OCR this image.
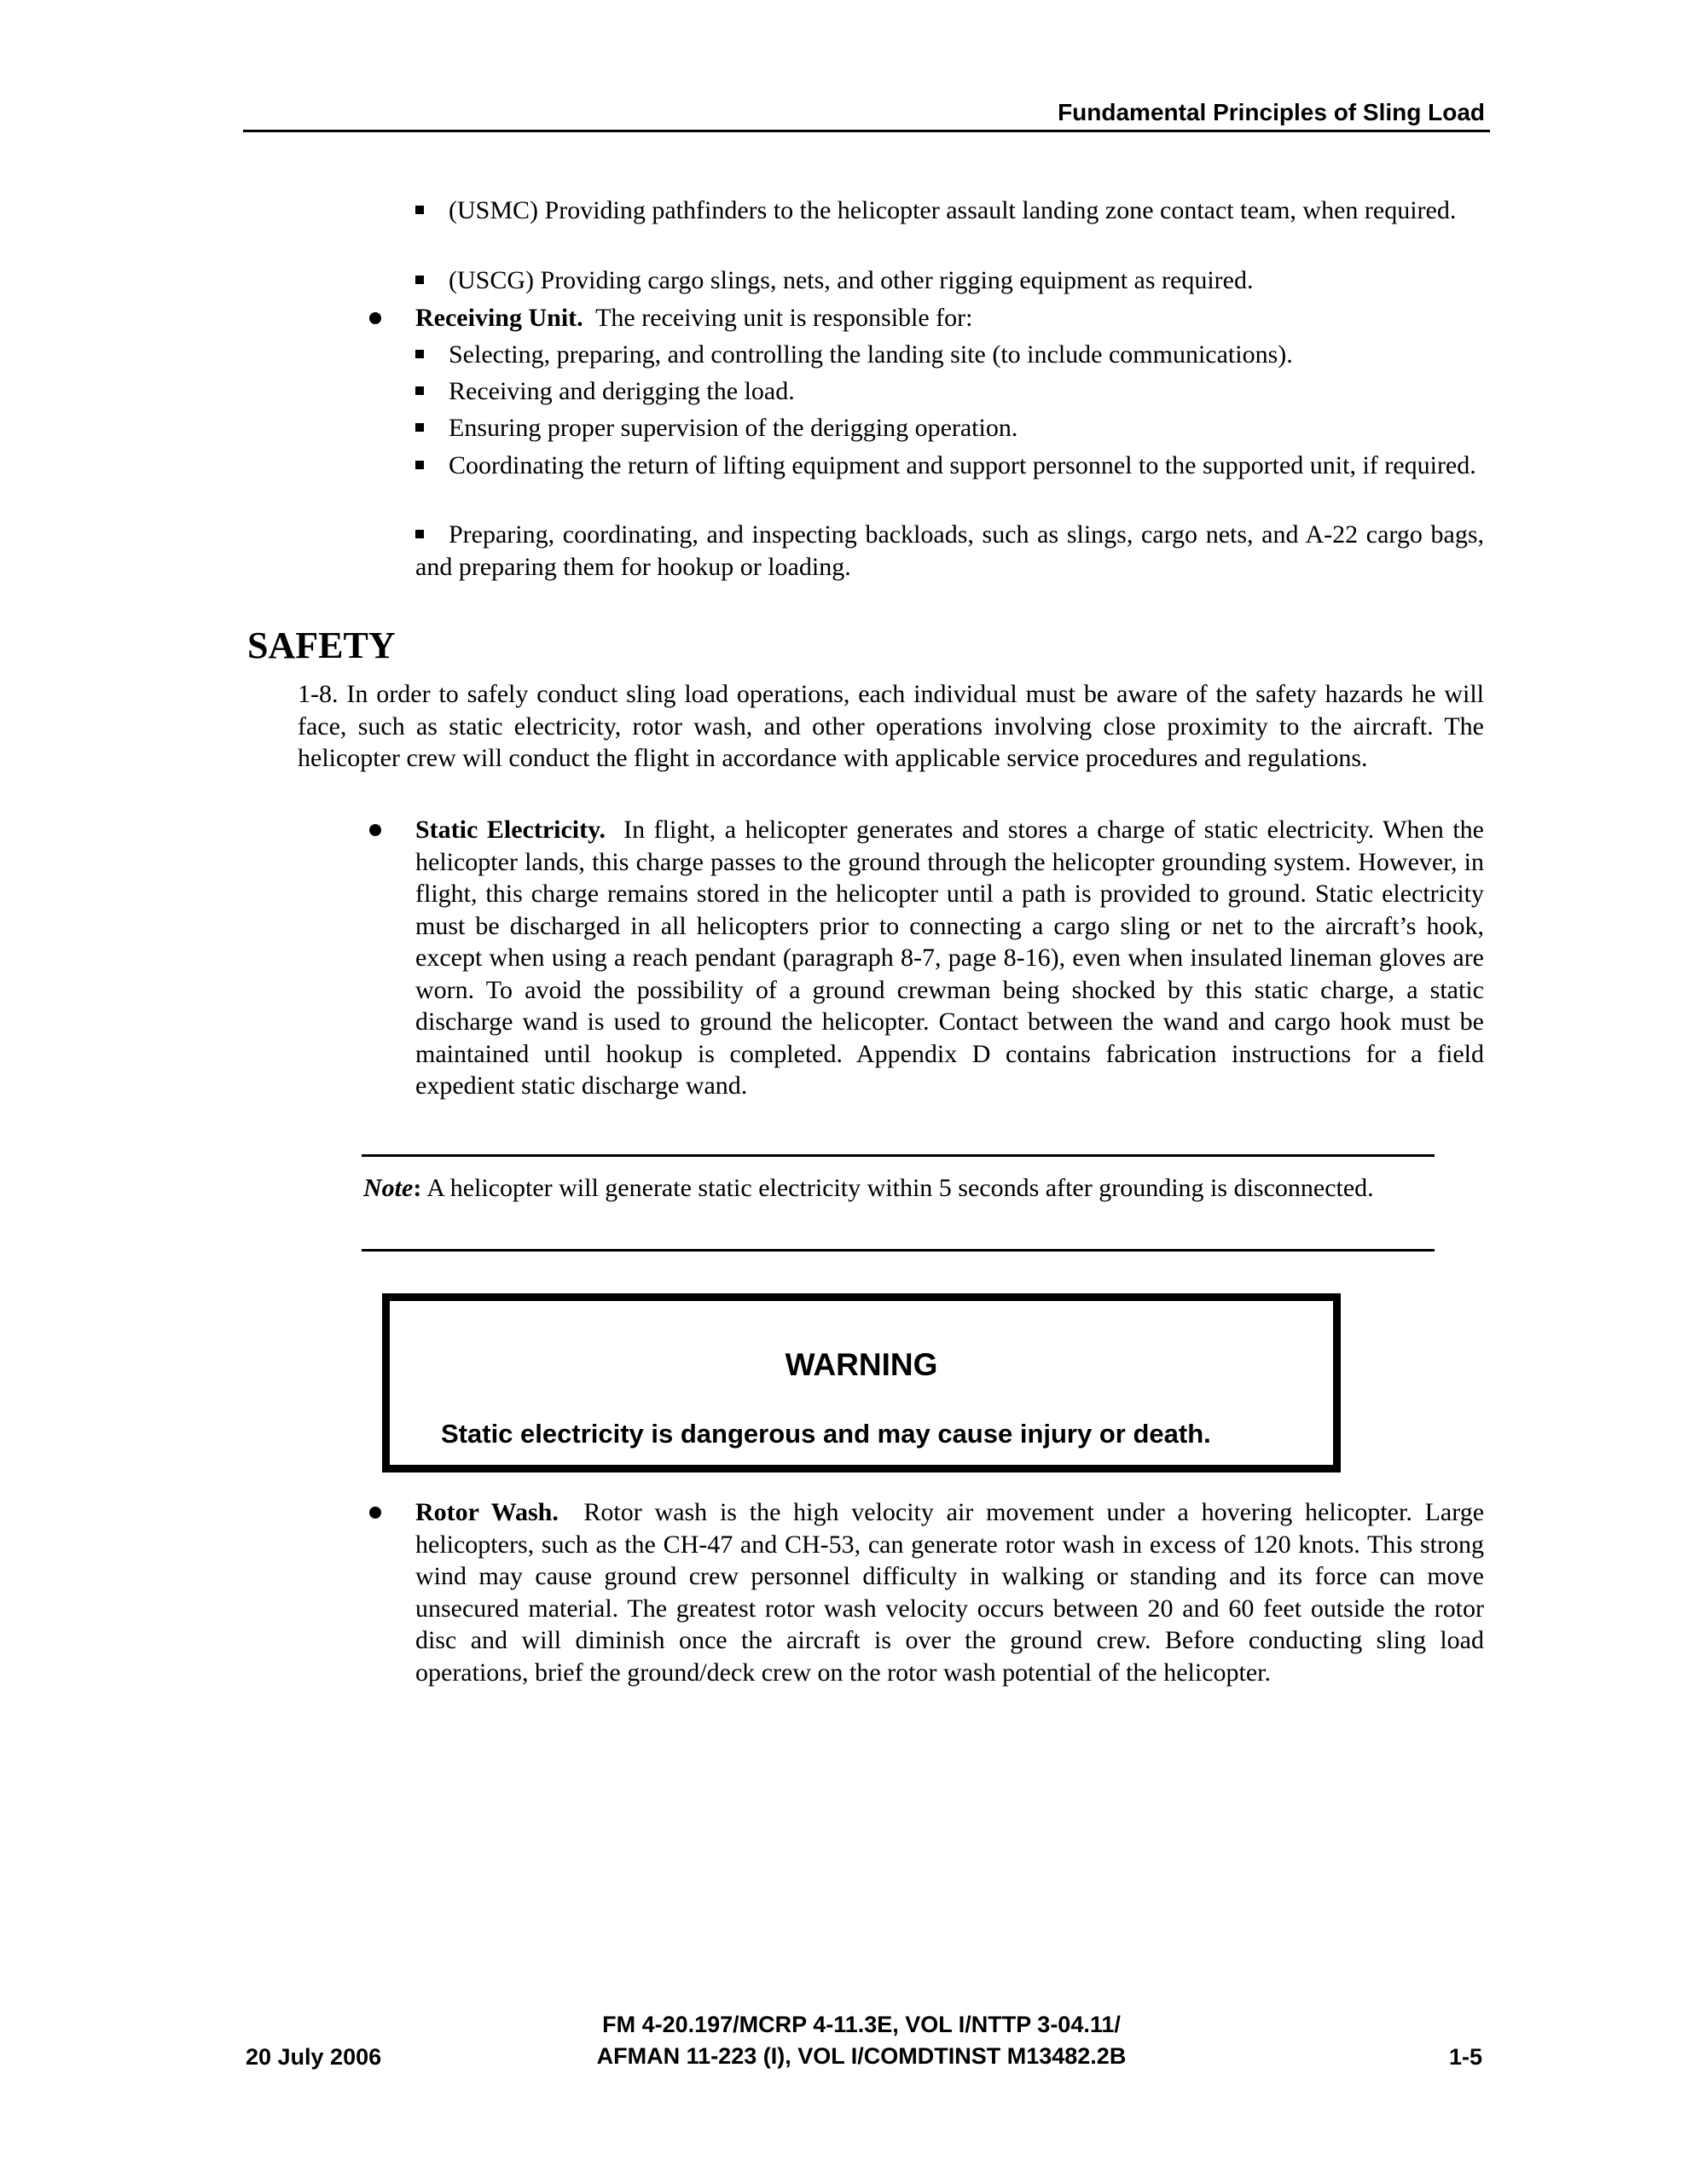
Fundamental Principles of Sling Load
(USMC) Providing pathfinders to the helicopter assault landing zone contact team, when required.
(USCG) Providing cargo slings, nets, and other rigging equipment as required.
Receiving Unit. The receiving unit is responsible for:
Selecting, preparing, and controlling the landing site (to include communications).
Receiving and derigging the load.
Ensuring proper supervision of the derigging operation.
Coordinating the return of lifting equipment and support personnel to the supported unit, if required.
Preparing, coordinating, and inspecting backloads, such as slings, cargo nets, and A-22 cargo bags, and preparing them for hookup or loading.
SAFETY
1-8. In order to safely conduct sling load operations, each individual must be aware of the safety hazards he will face, such as static electricity, rotor wash, and other operations involving close proximity to the aircraft. The helicopter crew will conduct the flight in accordance with applicable service procedures and regulations.
Static Electricity. In flight, a helicopter generates and stores a charge of static electricity. When the helicopter lands, this charge passes to the ground through the helicopter grounding system. However, in flight, this charge remains stored in the helicopter until a path is provided to ground. Static electricity must be discharged in all helicopters prior to connecting a cargo sling or net to the aircraft’s hook, except when using a reach pendant (paragraph 8-7, page 8-16), even when insulated lineman gloves are worn. To avoid the possibility of a ground crewman being shocked by this static charge, a static discharge wand is used to ground the helicopter. Contact between the wand and cargo hook must be maintained until hookup is completed. Appendix D contains fabrication instructions for a field expedient static discharge wand.

Note: A helicopter will generate static electricity within 5 seconds after grounding is disconnected.

WARNING
Static electricity is dangerous and may cause injury or death.
Rotor Wash. Rotor wash is the high velocity air movement under a hovering helicopter. Large helicopters, such as the CH-47 and CH-53, can generate rotor wash in excess of 120 knots. This strong wind may cause ground crew personnel difficulty in walking or standing and its force can move unsecured material. The greatest rotor wash velocity occurs between 20 and 60 feet outside the rotor disc and will diminish once the aircraft is over the ground crew. Before conducting sling load operations, brief the ground/deck crew on the rotor wash potential of the helicopter.
20 July 2006
FM 4-20.197/MCRP 4-11.3E, VOL I/NTTP 3-04.11/
AFMAN 11-223 (I), VOL I/COMDTINST M13482.2B	1-5
